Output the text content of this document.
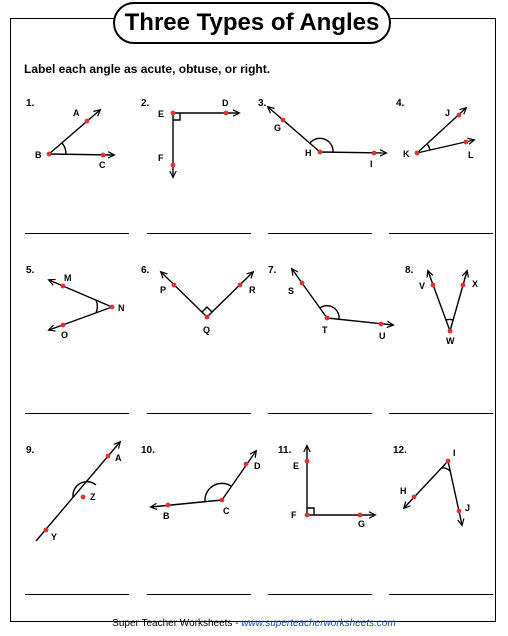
Three Types of Angles
Label each angle as acute, obtuse, or right.
1.	2.	3.	4.
5.	6.	7.	8.
9.	10.	11.	12.
A
B
C
D
E
F
G
H
I
J
K	L
M
N
O
P
Q
R	S
T
U
V
W
X
A
Z
Y
B	C
D	E
F
G
I
H
J
Super Teacher Worksheets - www.superteacherworksheets.com
